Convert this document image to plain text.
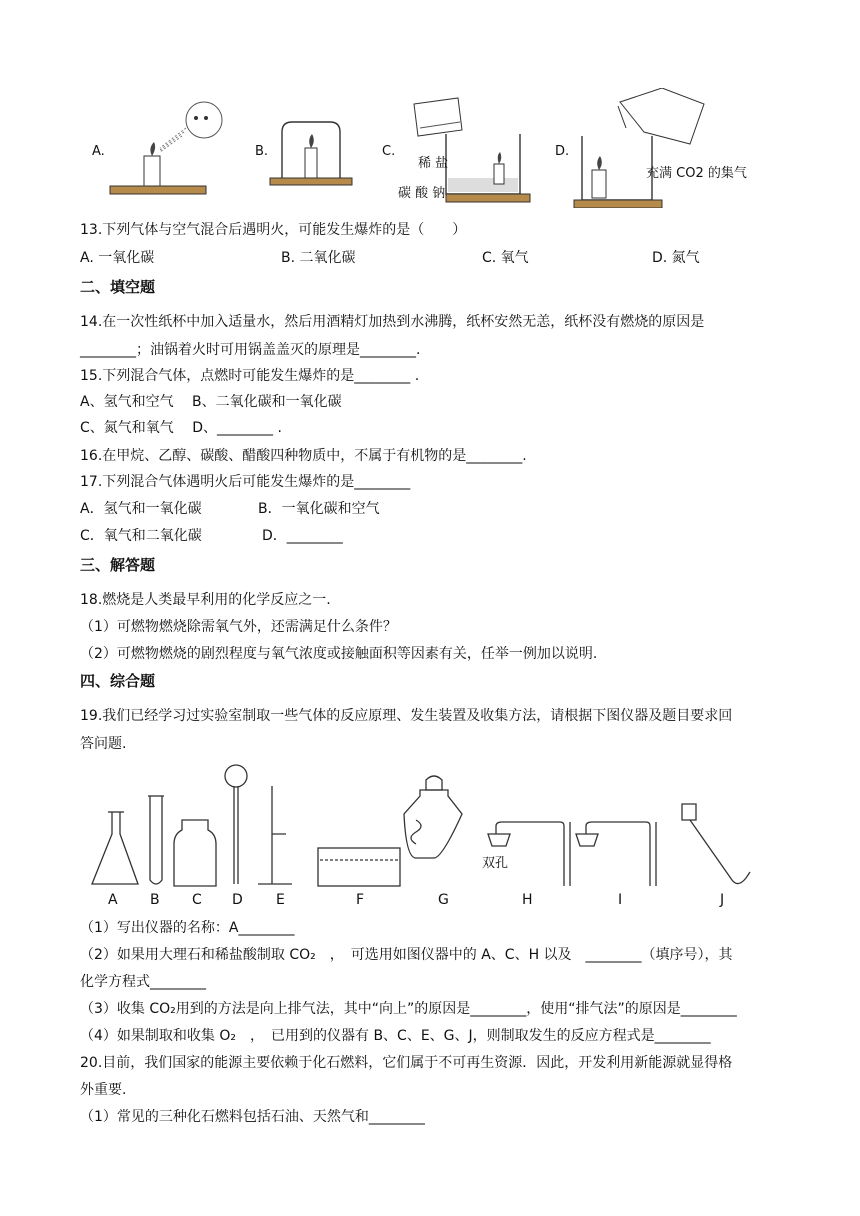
A.	B.	C.	D.
稀 盐
碳 酸 钠
充满 CO2 的集气
13.下列气体与空气混合后遇明火，可能发生爆炸的是（　　）
A. 一氧化碳	B. 二氧化碳	C. 氧气	D. 氮气
二、填空题
14.在一次性纸杯中加入适量水，然后用酒精灯加热到水沸腾，纸杯安然无恙，纸杯没有燃烧的原因是
________；油锅着火时可用锅盖盖灭的原理是________.
15.下列混合气体，点燃时可能发生爆炸的是________ .
A、氢气和空气　 B、二氧化碳和一氧化碳
C、氮气和氧气　 D、________ .
16.在甲烷、乙醇、碳酸、醋酸四种物质中，不属于有机物的是________.
17.下列混合气体遇明火后可能发生爆炸的是________
A．氢气和一氧化碳	B．一氧化碳和空气
C．氧气和二氧化碳	D．________
三、解答题
18.燃烧是人类最早利用的化学反应之一.
（1）可燃物燃烧除需氧气外，还需满足什么条件？
（2）可燃物燃烧的剧烈程度与氧气浓度或接触面积等因素有关，任举一例加以说明.
四、综合题
19.我们已经学习过实验室制取一些气体的反应原理、发生装置及收集方法，请根据下图仪器及题目要求回
答问题.
A B C D E	F	G	H	I	J
双孔
（1）写出仪器的名称：A________
（2）如果用大理石和稀盐酸制取 CO₂　，　可选用如图仪器中的 A、C、H 以及　________（填序号），其
化学方程式________
（3）收集 CO₂用到的方法是向上排气法，其中“向上”的原因是________，使用“排气法”的原因是________
（4）如果制取和收集 O₂　，　已用到的仪器有 B、C、E、G、J，则制取发生的反应方程式是________
20.目前，我们国家的能源主要依赖于化石燃料，它们属于不可再生资源．因此，开发利用新能源就显得格
外重要.
（1）常见的三种化石燃料包括石油、天然气和________
